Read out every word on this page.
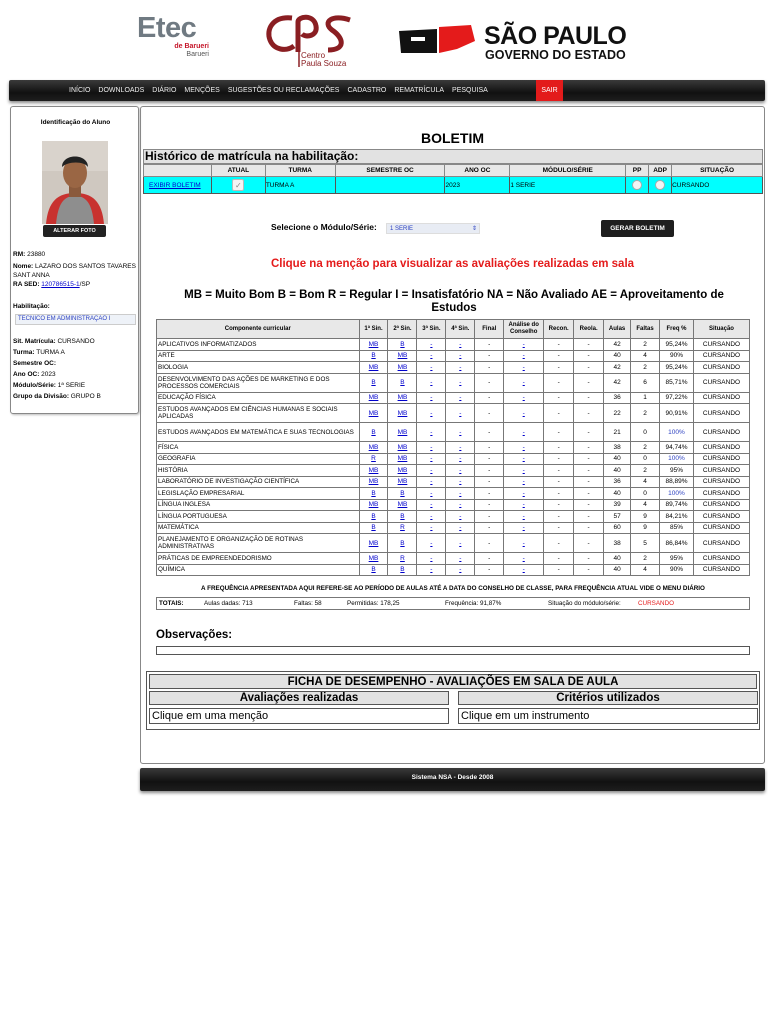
Etec
de Barueri
Barueri	Centro
Paula Souza
SÃO PAULO
GOVERNO DO ESTADO
INÍCIO	DOWNLOADS	DIÁRIO	MENÇÕES	SUGESTÕES OU RECLAMAÇÕES	CADASTRO	REMATRÍCULA	PESQUISA	SAIR
Identificação do Aluno
ALTERAR FOTO
RM: 23880
Nome: LAZARO DOS SANTOS TAVARES SANT ANNA
RA SED: 120786515-1/SP
Habilitação:
TECNICO EM ADMINISTRAÇÃO I
Sit. Matrícula: CURSANDO
Turma: TURMA A
Semestre OC:
Ano OC: 2023
Módulo/Série: 1ª SERIE
Grupo da Divisão: GRUPO B
BOLETIM
Histórico de matrícula na habilitação:
	ATUAL	TURMA	SEMESTRE OC	ANO OC	MÓDULO/SÉRIE	PP	ADP	SITUAÇÃO
EXIBIR BOLETIM	✓	TURMA A		2023	1 SERIE			CURSANDO
Selecione o Módulo/Série:	1 SERIE	⇕	GERAR BOLETIM
Clique na menção para visualizar as avaliações realizadas em sala
MB = Muito Bom B = Bom R = Regular I = Insatisfatório NA = Não Avaliado AE = Aproveitamento de Estudos
Componente curricular	1ª Sin.	2ª Sin.	3ª Sin.	4ª Sin.	Final	Análise do Conselho	Recon.	Reola.	Aulas	Faltas	Freq %	Situação
APLICATIVOS INFORMATIZADOS	MB	B	-	-	-	-	-	-	42	2	95,24%	CURSANDO
ARTE	B	MB	-	-	-	-	-	-	40	4	90%	CURSANDO
BIOLOGIA	MB	MB	-	-	-	-	-	-	42	2	95,24%	CURSANDO
DESENVOLVIMENTO DAS AÇÕES DE MARKETING E DOS PROCESSOS COMERCIAIS	B	B	-	-	-	-	-	-	42	6	85,71%	CURSANDO
EDUCAÇÃO FÍSICA	MB	MB	-	-	-	-	-	-	36	1	97,22%	CURSANDO
ESTUDOS AVANÇADOS EM CIÊNCIAS HUMANAS E SOCIAIS APLICADAS	MB	MB	-	-	-	-	-	-	22	2	90,91%	CURSANDO
ESTUDOS AVANÇADOS EM MATEMÁTICA E SUAS TECNOLOGIAS	B	MB	-	-	-	-	-	-	21	0	100%	CURSANDO
FÍSICA	MB	MB	-	-	-	-	-	-	38	2	94,74%	CURSANDO
GEOGRAFIA	R	MB	-	-	-	-	-	-	40	0	100%	CURSANDO
HISTÓRIA	MB	MB	-	-	-	-	-	-	40	2	95%	CURSANDO
LABORATÓRIO DE INVESTIGAÇÃO CIENTÍFICA	MB	MB	-	-	-	-	-	-	36	4	88,89%	CURSANDO
LEGISLAÇÃO EMPRESARIAL	B	B	-	-	-	-	-	-	40	0	100%	CURSANDO
LÍNGUA INGLESA	MB	MB	-	-	-	-	-	-	39	4	89,74%	CURSANDO
LÍNGUA PORTUGUESA	B	B	-	-	-	-	-	-	57	9	84,21%	CURSANDO
MATEMÁTICA	B	R	-	-	-	-	-	-	60	9	85%	CURSANDO
PLANEJAMENTO E ORGANIZAÇÃO DE ROTINAS ADMINISTRATIVAS	MB	B	-	-	-	-	-	-	38	5	86,84%	CURSANDO
PRÁTICAS DE EMPREENDEDORISMO	MB	R	-	-	-	-	-	-	40	2	95%	CURSANDO
QUÍMICA	B	B	-	-	-	-	-	-	40	4	90%	CURSANDO
A FREQUÊNCIA APRESENTADA AQUI REFERE-SE AO PERÍODO DE AULAS ATÉ A DATA DO CONSELHO DE CLASSE, PARA FREQUÊNCIA ATUAL VIDE O MENU DIÁRIO
TOTAIS:	Aulas dadas: 713	Faltas: 58	Permitidas: 178,25	Frequência: 91,87%	Situação do módulo/série:	CURSANDO
Observações:
FICHA DE DESEMPENHO - AVALIAÇÕES EM SALA DE AULA
Avaliações realizadas	Critérios utilizados
Clique em uma menção	Clique em um instrumento
Sistema NSA - Desde 2008
